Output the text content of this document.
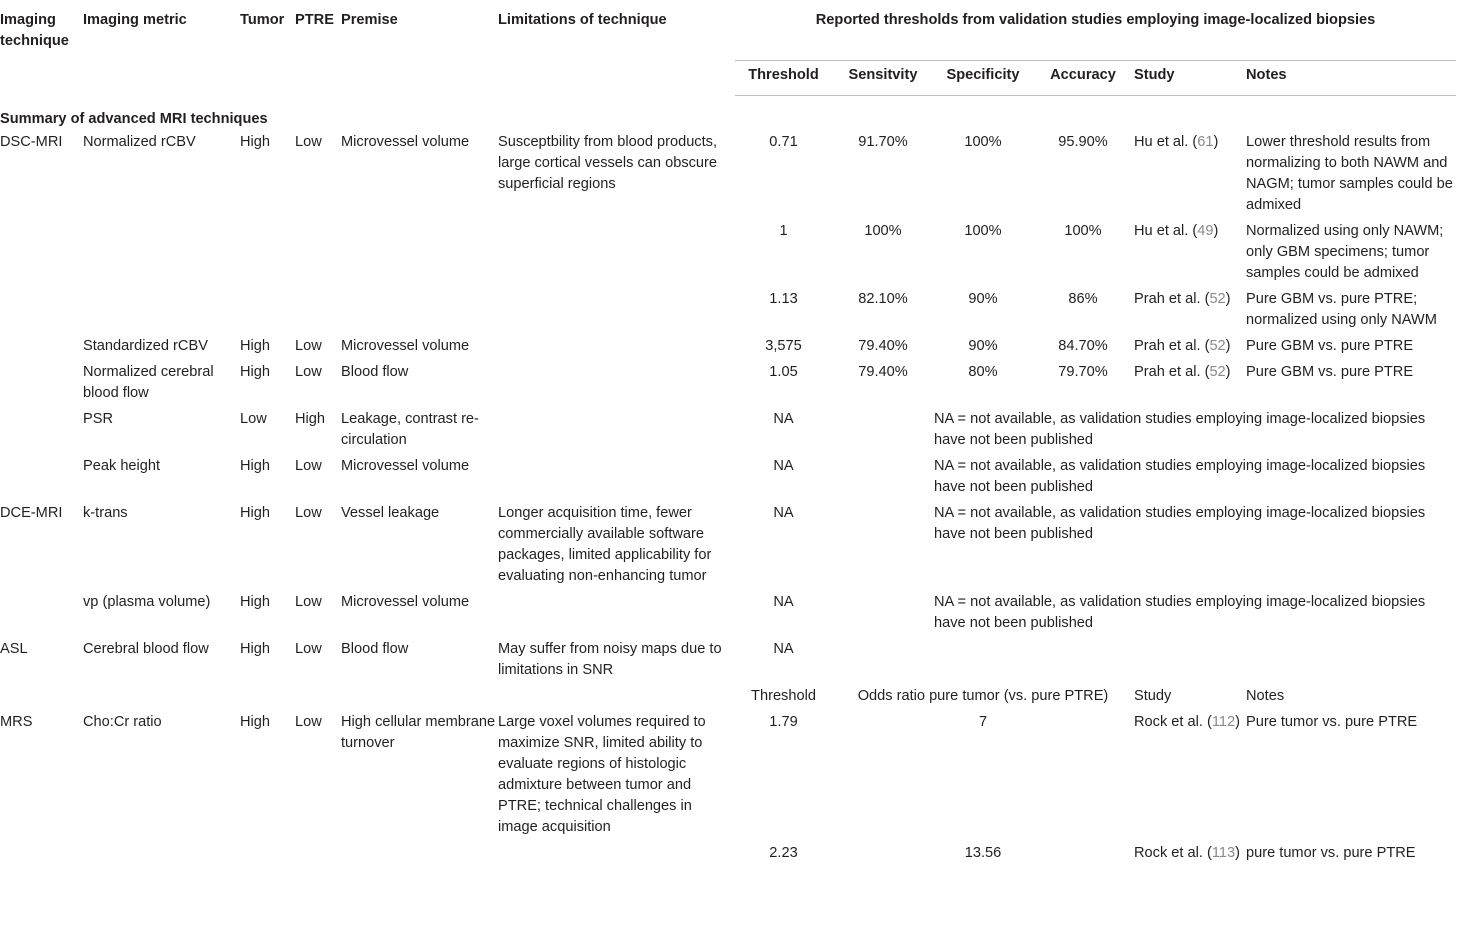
Imaging technique	Imaging metric	Tumor	PTRE	Premise	Limitations of technique	Reported thresholds from validation studies employing image-localized biopsies					
						Threshold	Sensitvity	Specificity	Accuracy	Study	Notes
Summary of advanced MRI techniques											
DSC-MRI	Normalized rCBV	High	Low	Microvessel volume	Susceptbility from blood products, large cortical vessels can obscure superficial regions	0.71	91.70%	100%	95.90%	Hu et al. (61)	Lower threshold results from normalizing to both NAWM and NAGM; tumor samples could be admixed
						1	100%	100%	100%	Hu et al. (49)	Normalized using only NAWM; only GBM specimens; tumor samples could be admixed
						1.13	82.10%	90%	86%	Prah et al. (52)	Pure GBM vs. pure PTRE; normalized using only NAWM
	Standardized rCBV	High	Low	Microvessel volume		3,575	79.40%	90%	84.70%	Prah et al. (52)	Pure GBM vs. pure PTRE
	Normalized cerebral blood flow	High	Low	Blood flow		1.05	79.40%	80%	79.70%	Prah et al. (52)	Pure GBM vs. pure PTRE
	PSR	Low	High	Leakage, contrast re-circulation		NA		NA = not available, as validation studies employing image-localized biopsies have not been published			
	Peak height	High	Low	Microvessel volume		NA		NA = not available, as validation studies employing image-localized biopsies have not been published			
DCE-MRI	k-trans	High	Low	Vessel leakage	Longer acquisition time, fewer commercially available software packages, limited applicability for evaluating non-enhancing tumor	NA		NA = not available, as validation studies employing image-localized biopsies have not been published			
	vp (plasma volume)	High	Low	Microvessel volume		NA		NA = not available, as validation studies employing image-localized biopsies have not been published			
ASL	Cerebral blood flow	High	Low	Blood flow	May suffer from noisy maps due to limitations in SNR	NA					
						Threshold	Odds ratio pure tumor (vs. pure PTRE)			Study	Notes
MRS	Cho:Cr ratio	High	Low	High cellular membrane turnover	Large voxel volumes required to maximize SNR, limited ability to evaluate regions of histologic admixture between tumor and PTRE; technical challenges in image acquisition	1.79	7			Rock et al. (112)	Pure tumor vs. pure PTRE
						2.23	13.56			Rock et al. (113)	pure tumor vs. pure PTRE
